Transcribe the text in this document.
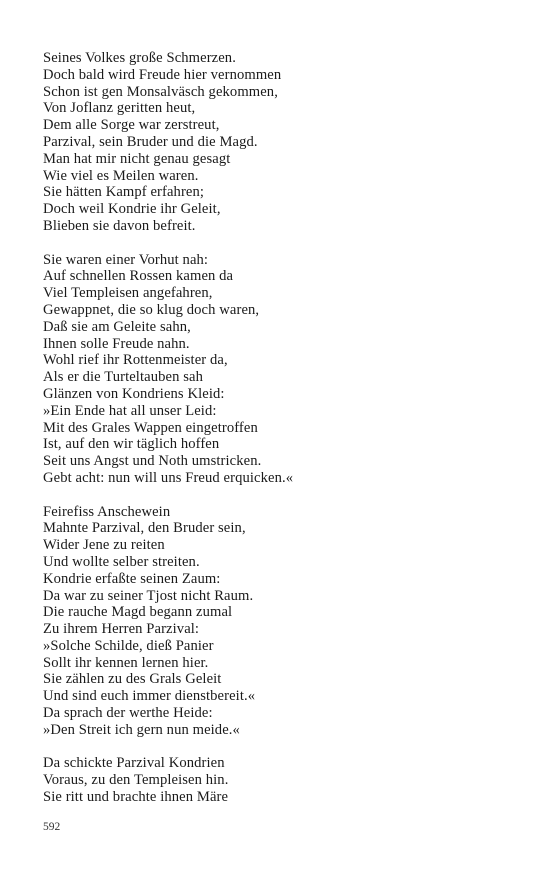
Seines Volkes große Schmerzen.
Doch bald wird Freude hier vernommen
Schon ist gen Monsalväsch gekommen,
Von Joflanz geritten heut,
Dem alle Sorge war zerstreut,
Parzival, sein Bruder und die Magd.
Man hat mir nicht genau gesagt
Wie viel es Meilen waren.
Sie hätten Kampf erfahren;
Doch weil Kondrie ihr Geleit,
Blieben sie davon befreit.
Sie waren einer Vorhut nah:
Auf schnellen Rossen kamen da
Viel Templeisen angefahren,
Gewappnet, die so klug doch waren,
Daß sie am Geleite sahn,
Ihnen solle Freude nahn.
Wohl rief ihr Rottenmeister da,
Als er die Turteltauben sah
Glänzen von Kondriens Kleid:
»Ein Ende hat all unser Leid:
Mit des Grales Wappen eingetroffen
Ist, auf den wir täglich hoffen
Seit uns Angst und Noth umstricken.
Gebt acht: nun will uns Freud erquicken.«
Feirefiss Anschewein
Mahnte Parzival, den Bruder sein,
Wider Jene zu reiten
Und wollte selber streiten.
Kondrie erfaßte seinen Zaum:
Da war zu seiner Tjost nicht Raum.
Die rauche Magd begann zumal
Zu ihrem Herren Parzival:
»Solche Schilde, dieß Panier
Sollt ihr kennen lernen hier.
Sie zählen zu des Grals Geleit
Und sind euch immer dienstbereit.«
Da sprach der werthe Heide:
»Den Streit ich gern nun meide.«
Da schickte Parzival Kondrien
Voraus, zu den Templeisen hin.
Sie ritt und brachte ihnen Märe
592
